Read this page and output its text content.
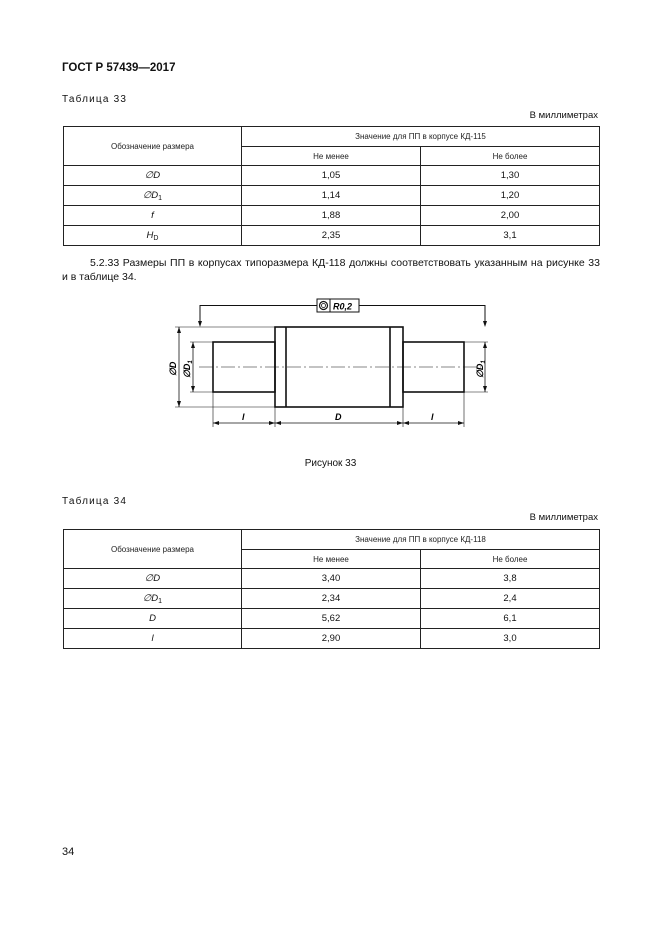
ГОСТ Р 57439—2017
Таблица 33
В миллиметрах
Обозначение размера	Значение для ПП в корпусе КД-115	
	Не менее	Не более
∅D	1,05	1,30
$\emptyset D_1$	1,14	1,20
f	1,88	2,00
$H_D$	2,35	3,1
5.2.33 Размеры ПП в корпусах типоразмера КД-118 должны соответствовать указанным на рисунке 33 и в таблице 34.
R0,2
∅D $\emptyset D_1$
$\emptyset D_1$
l	D	l
Рисунок 33
Таблица 34
В миллиметрах
Обозначение размера	Значение для ПП в корпусе КД-118	
	Не менее	Не более
∅D	3,40	3,8
$\emptyset D_1$	2,34	2,4
D	5,62	6,1
l	2,90	3,0
34
